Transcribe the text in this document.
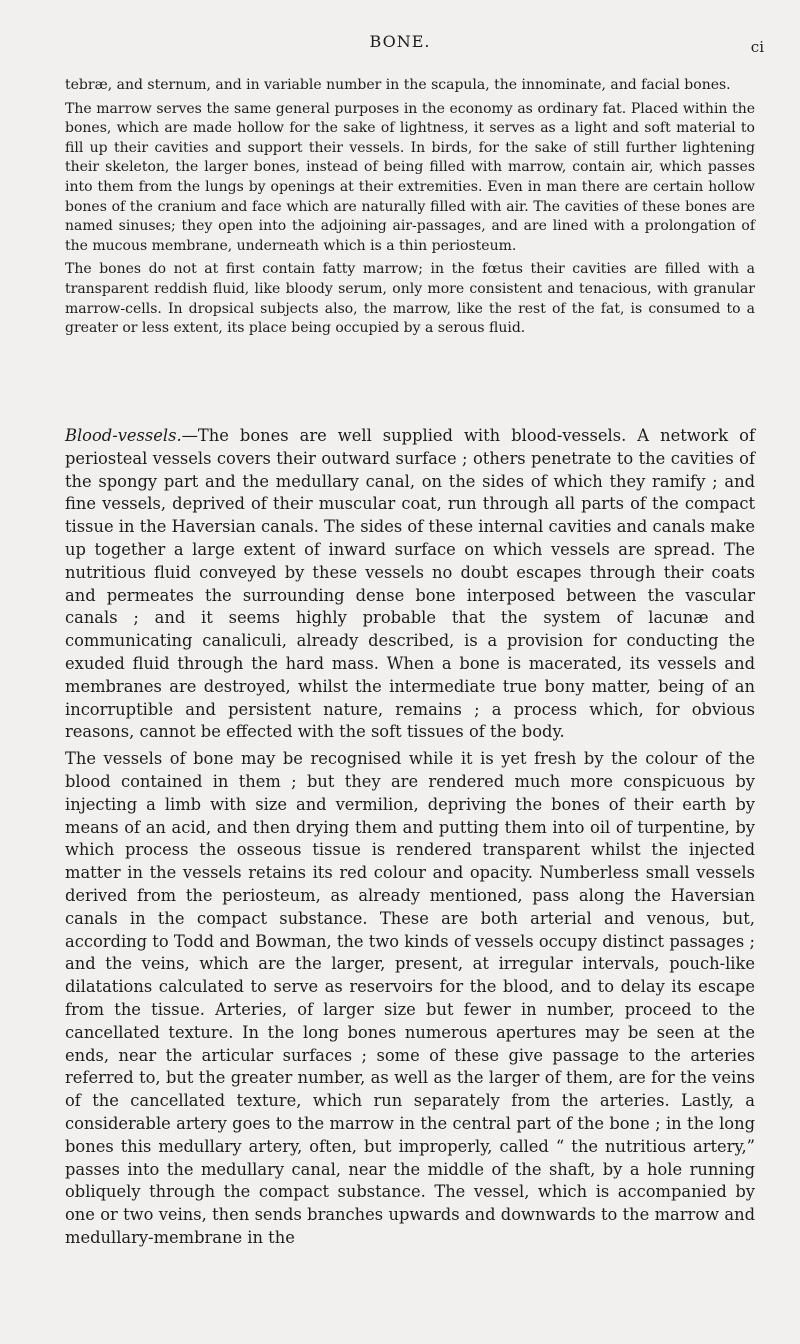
BONE.	ci

tebræ, and sternum, and in variable number in the scapula, the innominate, and facial bones.

The marrow serves the same general purposes in the economy as ordinary fat. Placed within the bones, which are made hollow for the sake of lightness, it serves as a light and soft material to fill up their cavities and support their vessels. In birds, for the sake of still further lightening their skeleton, the larger bones, instead of being filled with marrow, contain air, which passes into them from the lungs by openings at their extremities. Even in man there are certain hollow bones of the cranium and face which are naturally filled with air. The cavities of these bones are named sinuses; they open into the adjoining air-passages, and are lined with a prolongation of the mucous membrane, underneath which is a thin periosteum.

The bones do not at first contain fatty marrow; in the fœtus their cavities are filled with a transparent reddish fluid, like bloody serum, only more consistent and tenacious, with granular marrow-cells. In dropsical subjects also, the marrow, like the rest of the fat, is consumed to a greater or less extent, its place being occupied by a serous fluid.

Blood-vessels.—The bones are well supplied with blood-vessels. A network of periosteal vessels covers their outward surface ; others penetrate to the cavities of the spongy part and the medullary canal, on the sides of which they ramify ; and fine vessels, deprived of their muscular coat, run through all parts of the compact tissue in the Haversian canals. The sides of these internal cavities and canals make up together a large extent of inward surface on which vessels are spread. The nutritious fluid conveyed by these vessels no doubt escapes through their coats and permeates the surrounding dense bone interposed between the vascular canals ; and it seems highly probable that the system of lacunæ and communicating canaliculi, already described, is a provision for conducting the exuded fluid through the hard mass. When a bone is macerated, its vessels and membranes are destroyed, whilst the intermediate true bony matter, being of an incorruptible and persistent nature, remains ; a process which, for obvious reasons, cannot be effected with the soft tissues of the body.

The vessels of bone may be recognised while it is yet fresh by the colour of the blood contained in them ; but they are rendered much more conspicuous by injecting a limb with size and vermilion, depriving the bones of their earth by means of an acid, and then drying them and putting them into oil of turpentine, by which process the osseous tissue is rendered transparent whilst the injected matter in the vessels retains its red colour and opacity. Numberless small vessels derived from the periosteum, as already mentioned, pass along the Haversian canals in the compact substance. These are both arterial and venous, but, according to Todd and Bowman, the two kinds of vessels occupy distinct passages ; and the veins, which are the larger, present, at irregular intervals, pouch-like dilatations calculated to serve as reservoirs for the blood, and to delay its escape from the tissue. Arteries, of larger size but fewer in number, proceed to the cancellated texture. In the long bones numerous apertures may be seen at the ends, near the articular surfaces ; some of these give passage to the arteries referred to, but the greater number, as well as the larger of them, are for the veins of the cancellated texture, which run separately from the arteries. Lastly, a considerable artery goes to the marrow in the central part of the bone ; in the long bones this medullary artery, often, but improperly, called “ the nutritious artery,” passes into the medullary canal, near the middle of the shaft, by a hole running obliquely through the compact substance. The vessel, which is accompanied by one or two veins, then sends branches upwards and downwards to the marrow and medullary-membrane in the
